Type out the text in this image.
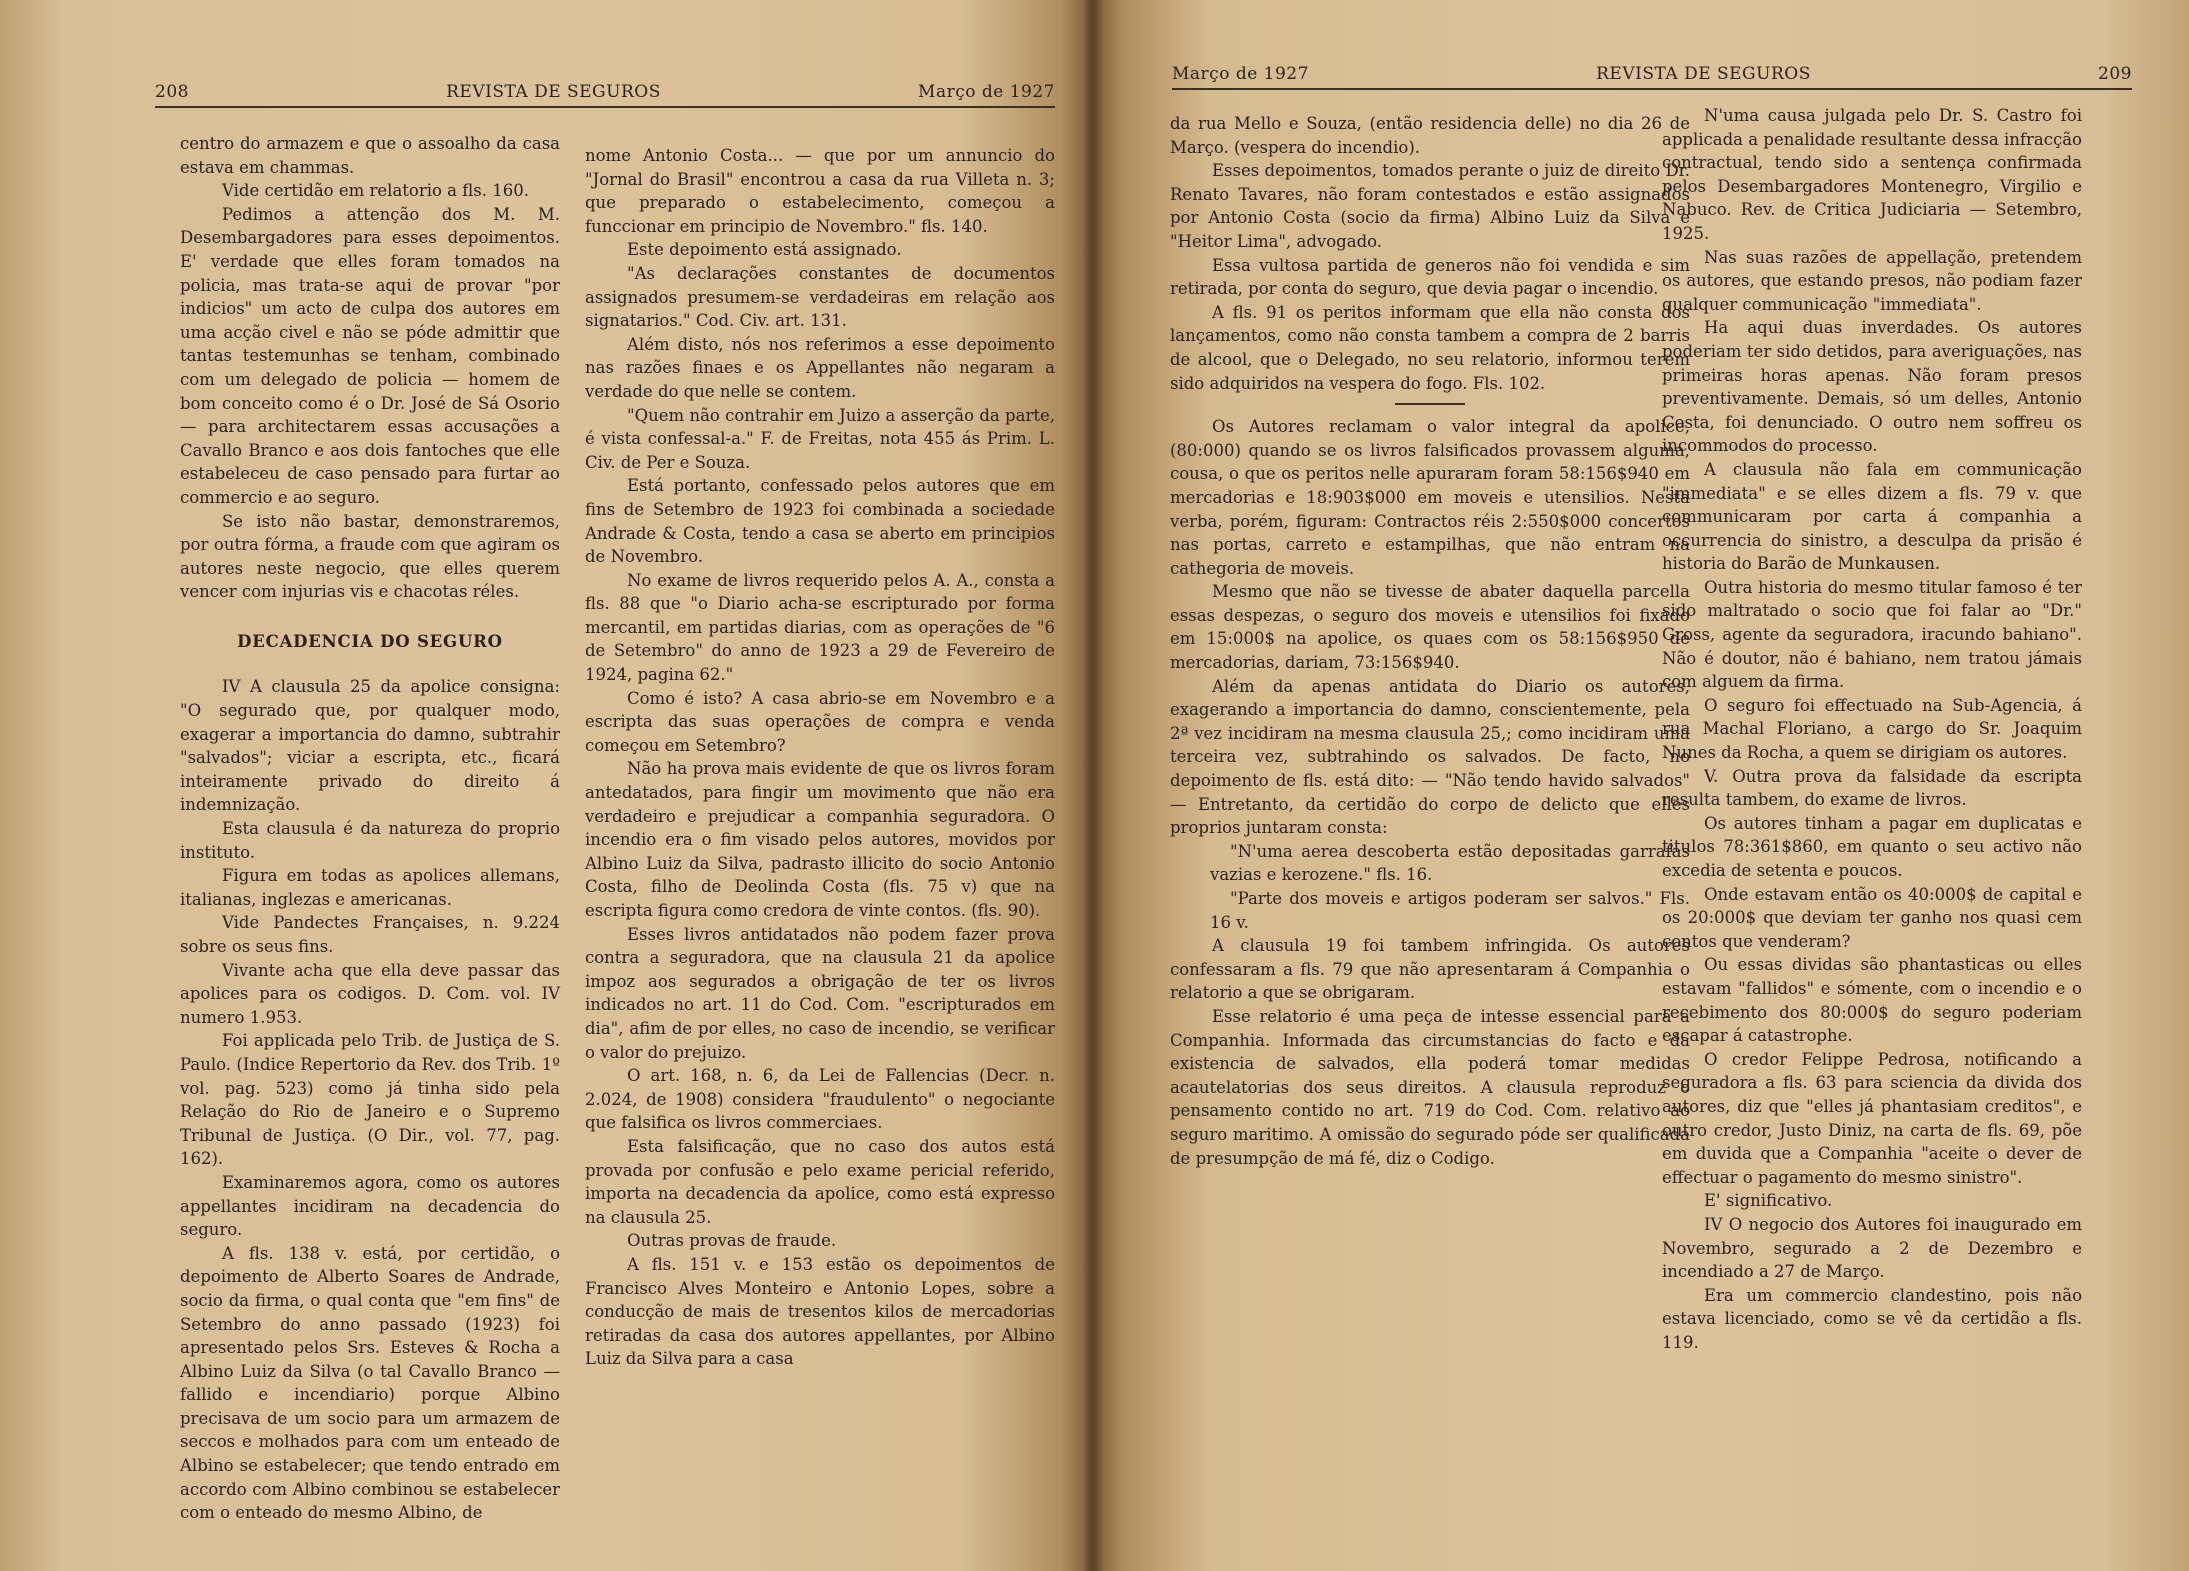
208	REVISTA DE SEGUROS	Março de 1927

centro do armazem e que o assoalho da casa estava em chammas.

Vide certidão em relatorio a fls. 160.

Pedimos a attenção dos M. M. Desembargadores para esses depoimentos. E' verdade que elles foram tomados na policia, mas trata-se aqui de provar "por indicios" um acto de culpa dos autores em uma acção civel e não se póde admittir que tantas testemunhas se tenham, combinado com um delegado de policia — homem de bom conceito como é o Dr. José de Sá Osorio — para architectarem essas accusações a Cavallo Branco e aos dois fantoches que elle estabeleceu de caso pensado para furtar ao commercio e ao seguro.

Se isto não bastar, demonstraremos, por outra fórma, a fraude com que agiram os autores neste negocio, que elles querem vencer com injurias vis e chacotas réles.

DECADENCIA DO SEGURO

IV A clausula 25 da apolice consigna: "O segurado que, por qualquer modo, exagerar a importancia do damno, subtrahir "salvados"; viciar a escripta, etc., ficará inteiramente privado do direito á indemnização.

Esta clausula é da natureza do proprio instituto.

Figura em todas as apolices allemans, italianas, inglezas e americanas.

Vide Pandectes Françaises, n. 9.224 sobre os seus fins.

Vivante acha que ella deve passar das apolices para os codigos. D. Com. vol. IV numero 1.953.

Foi applicada pelo Trib. de Justiça de S. Paulo. (Indice Repertorio da Rev. dos Trib. 1º vol. pag. 523) como já tinha sido pela Relação do Rio de Janeiro e o Supremo Tribunal de Justiça. (O Dir., vol. 77, pag. 162).

Examinaremos agora, como os autores appellantes incidiram na decadencia do seguro.

A fls. 138 v. está, por certidão, o depoimento de Alberto Soares de Andrade, socio da firma, o qual conta que "em fins" de Setembro do anno passado (1923) foi apresentado pelos Srs. Esteves & Rocha a Albino Luiz da Silva (o tal Cavallo Branco — fallido e incendiario) porque Albino precisava de um socio para um armazem de seccos e molhados para com um enteado de Albino se estabelecer; que tendo entrado em accordo com Albino combinou se estabelecer com o enteado do mesmo Albino, de

nome Antonio Costa... — que por um annuncio do "Jornal do Brasil" encontrou a casa da rua Villeta n. 3; que preparado o estabelecimento, começou a funccionar em principio de Novembro." fls. 140.

Este depoimento está assignado.

"As declarações constantes de documentos assignados presumem-se verdadeiras em relação aos signatarios." Cod. Civ. art. 131.

Além disto, nós nos referimos a esse depoimento nas razões finaes e os Appellantes não negaram a verdade do que nelle se contem.

"Quem não contrahir em Juizo a asserção da parte, é vista confessal-a." F. de Freitas, nota 455 ás Prim. L. Civ. de Per e Souza.

Está portanto, confessado pelos autores que em fins de Setembro de 1923 foi combinada a sociedade Andrade & Costa, tendo a casa se aberto em principios de Novembro.

No exame de livros requerido pelos A. A., consta a fls. 88 que "o Diario acha-se escripturado por forma mercantil, em partidas diarias, com as operações de "6 de Setembro" do anno de 1923 a 29 de Fevereiro de 1924, pagina 62."

Como é isto? A casa abrio-se em Novembro e a escripta das suas operações de compra e venda começou em Setembro?

Não ha prova mais evidente de que os livros foram antedatados, para fingir um movimento que não era verdadeiro e prejudicar a companhia seguradora. O incendio era o fim visado pelos autores, movidos por Albino Luiz da Silva, padrasto illicito do socio Antonio Costa, filho de Deolinda Costa (fls. 75 v) que na escripta figura como credora de vinte contos. (fls. 90).

Esses livros antidatados não podem fazer prova contra a seguradora, que na clausula 21 da apolice impoz aos segurados a obrigação de ter os livros indicados no art. 11 do Cod. Com. "escripturados em dia", afim de por elles, no caso de incendio, se verificar o valor do prejuizo.

O art. 168, n. 6, da Lei de Fallencias (Decr. n. 2.024, de 1908) considera "fraudulento" o negociante que falsifica os livros commerciaes.

Esta falsificação, que no caso dos autos está provada por confusão e pelo exame pericial referido, importa na decadencia da apolice, como está expresso na clausula 25.

Outras provas de fraude.

A fls. 151 v. e 153 estão os depoimentos de Francisco Alves Monteiro e Antonio Lopes, sobre a conducção de mais de tresentos kilos de mercadorias retiradas da casa dos autores appellantes, por Albino Luiz da Silva para a casa

Março de 1927	REVISTA DE SEGUROS	209

da rua Mello e Souza, (então residencia delle) no dia 26 de Março. (vespera do incendio).

Esses depoimentos, tomados perante o juiz de direito Dr. Renato Tavares, não foram contestados e estão assignados por Antonio Costa (socio da firma) Albino Luiz da Silva e "Heitor Lima", advogado.

Essa vultosa partida de generos não foi vendida e sim retirada, por conta do seguro, que devia pagar o incendio.

A fls. 91 os peritos informam que ella não consta dos lançamentos, como não consta tambem a compra de 2 barris de alcool, que o Delegado, no seu relatorio, informou terem sido adquiridos na vespera do fogo. Fls. 102.

Os Autores reclamam o valor integral da apolice, (80:000) quando se os livros falsificados provassem alguma, cousa, o que os peritos nelle apuraram foram 58:156$940 em mercadorias e 18:903$000 em moveis e utensilios. Nesta verba, porém, figuram: Contractos réis 2:550$000 concertos nas portas, carreto e estampilhas, que não entram na cathegoria de moveis.

Mesmo que não se tivesse de abater daquella parcella essas despezas, o seguro dos moveis e utensilios foi fixado em 15:000$ na apolice, os quaes com os 58:156$950 de mercadorias, dariam, 73:156$940.

Além da apenas antidata do Diario os autores, exagerando a importancia do damno, conscientemente, pela 2ª vez incidiram na mesma clausula 25,; como incidiram uma terceira vez, subtrahindo os salvados. De facto, no depoimento de fls. está dito: — "Não tendo havido salvados" — Entretanto, da certidão do corpo de delicto que elles proprios juntaram consta:

"N'uma aerea descoberta estão depositadas garrafas vazias e kerozene." fls. 16.

"Parte dos moveis e artigos poderam ser salvos." Fls. 16 v.

A clausula 19 foi tambem infringida. Os autores confessaram a fls. 79 que não apresentaram á Companhia o relatorio a que se obrigaram.

Esse relatorio é uma peça de intesse essencial para a Companhia. Informada das circumstancias do facto e da existencia de salvados, ella poderá tomar medidas acautelatorias dos seus direitos. A clausula reproduz o pensamento contido no art. 719 do Cod. Com. relativo ao seguro maritimo. A omissão do segurado póde ser qualificada de presumpção de má fé, diz o Codigo.

N'uma causa julgada pelo Dr. S. Castro foi applicada a penalidade resultante dessa infracção contractual, tendo sido a sentença confirmada pelos Desembargadores Montenegro, Virgilio e Nabuco. Rev. de Critica Judiciaria — Setembro, 1925.

Nas suas razões de appellação, pretendem os autores, que estando presos, não podiam fazer qualquer communicação "immediata".

Ha aqui duas inverdades. Os autores poderiam ter sido detidos, para averiguações, nas primeiras horas apenas. Não foram presos preventivamente. Demais, só um delles, Antonio Costa, foi denunciado. O outro nem soffreu os incommodos do processo.

A clausula não fala em communicação "immediata" e se elles dizem a fls. 79 v. que communicaram por carta á companhia a occurrencia do sinistro, a desculpa da prisão é historia do Barão de Munkausen.

Outra historia do mesmo titular famoso é ter sido maltratado o socio que foi falar ao "Dr." Gross, agente da seguradora, iracundo bahiano". Não é doutor, não é bahiano, nem tratou jámais com alguem da firma.

O seguro foi effectuado na Sub-Agencia, á rua Machal Floriano, a cargo do Sr. Joaquim Nunes da Rocha, a quem se dirigiam os autores.

V. Outra prova da falsidade da escripta resulta tambem, do exame de livros.

Os autores tinham a pagar em duplicatas e titulos 78:361$860, em quanto o seu activo não excedia de setenta e poucos.

Onde estavam então os 40:000$ de capital e os 20:000$ que deviam ter ganho nos quasi cem contos que venderam?

Ou essas dividas são phantasticas ou elles estavam "fallidos" e sómente, com o incendio e o recebimento dos 80:000$ do seguro poderiam escapar á catastrophe.

O credor Felippe Pedrosa, notificando a seguradora a fls. 63 para sciencia da divida dos autores, diz que "elles já phantasiam creditos", e outro credor, Justo Diniz, na carta de fls. 69, põe em duvida que a Companhia "aceite o dever de effectuar o pagamento do mesmo sinistro".

E' significativo.

IV O negocio dos Autores foi inaugurado em Novembro, segurado a 2 de Dezembro e incendiado a 27 de Março.

Era um commercio clandestino, pois não estava licenciado, como se vê da certidão a fls. 119.
